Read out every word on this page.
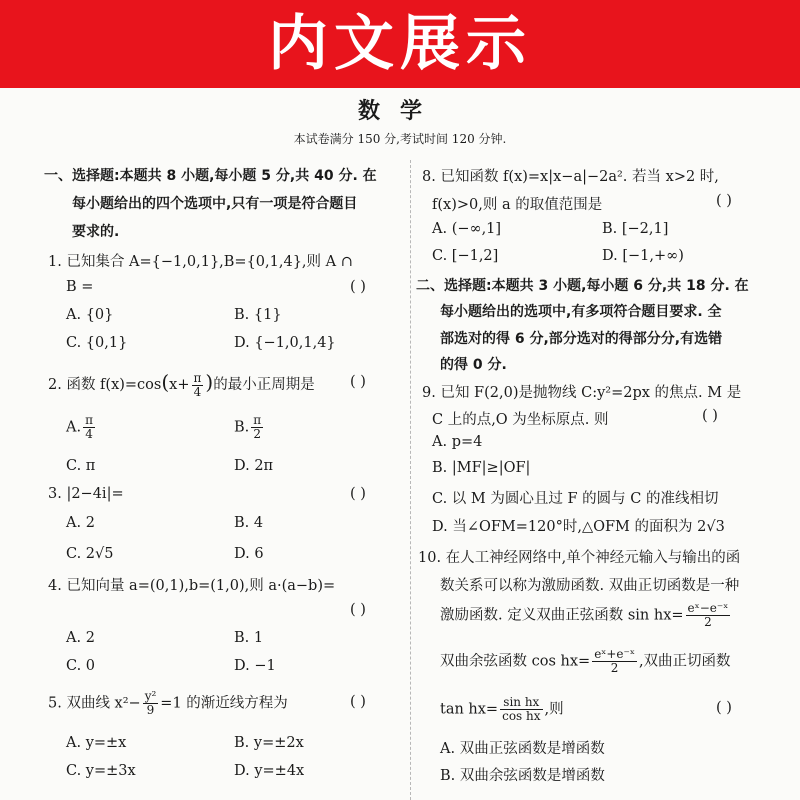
内文展示
数学
本试卷满分 150 分,考试时间 120 分钟.
一、选择题:本题共 8 小题,每小题 5 分,共 40 分. 在
每小题给出的四个选项中,只有一项是符合题目
要求的.
1. 已知集合 A={−1,0,1},B={0,1,4},则 A ∩
B =	( )
A. {0}	B. {1}
C. {0,1}	D. {−1,0,1,4}
2. 函数 $f(x)=\cos(x+ \frac{\pi}{4}$ )的最小正周期是 ( )
A. $\frac{\pi}{4}$	B. $\frac{\pi}{2}$
C. π	D. 2π
3. |2−4i|=	( )
A. 2	B. 4
C. 2√5	D. 6
4. 已知向量 a=(0,1),b=(1,0),则 a·(a−b)=
( )
A. 2	B. 1
C. 0	D. −1
5. 双曲线 $x^2- \frac{\text{y²}}{9} =1$ 的渐近线方程为	( )
A. y=±x	B. y=±2x
C. y=±3x	D. y=±4x
8. 已知函数 f(x)=x|x−a|−2a². 若当 x>2 时,
f(x)>0,则 a 的取值范围是	( )
A. (−∞,1]	B. [−2,1]
C. [−1,2]	D. [−1,+∞)
二、选择题:本题共 3 小题,每小题 6 分,共 18 分. 在
每小题给出的选项中,有多项符合题目要求. 全
部选对的得 6 分,部分选对的得部分分,有选错
的得 0 分.
9. 已知 F(2,0)是抛物线 C:y²=2px 的焦点. M 是
C 上的点,O 为坐标原点. 则	( )
A. p=4
B. |MF|≥|OF|
C. 以 M 为圆心且过 F 的圆与 C 的准线相切
D. 当∠OFM=120°时,△OFM 的面积为 2√3
10. 在人工神经网络中,单个神经元输入与输出的函
数关系可以称为激励函数. 双曲正切函数是一种
激励函数. 定义双曲正弦函数 $\sin hx= \frac{\text{eˣ−e⁻ˣ}}{2}$
双曲余弦函数 $\cos hx= \frac{\text{eˣ+e⁻ˣ}}{2}$ ,双曲正切函数
$\tan hx= \frac{\text{sin hx}}{\text{cos hx}}$ ,则	( )
A. 双曲正弦函数是增函数
B. 双曲余弦函数是增函数
